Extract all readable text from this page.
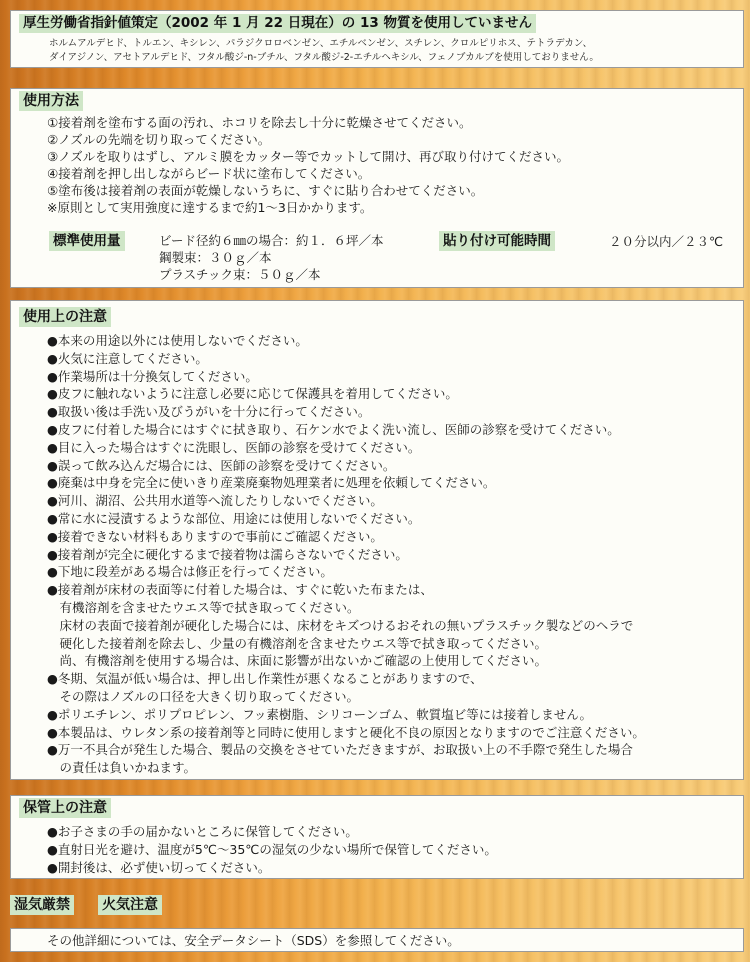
厚生労働省指針値策定（2002 年 1 月 22 日現在）の 13 物質を使用していません
ホルムアルデヒド、トルエン、キシレン、パラジクロロベンゼン、エチルベンゼン、スチレン、クロルピリホス、テトラデカン、
ダイアジノン、アセトアルデヒド、フタル酸ジ-n-ブチル、フタル酸ジ-2-エチルヘキシル、フェノブカルブを使用しておりません。
使用方法
①接着剤を塗布する面の汚れ、ホコリを除去し十分に乾燥させてください。
②ノズルの先端を切り取ってください。
③ノズルを取りはずし、アルミ膜をカッター等でカットして開け、再び取り付けてください。
④接着剤を押し出しながらビード状に塗布してください。
⑤塗布後は接着剤の表面が乾燥しないうちに、すぐに貼り合わせてください。
※原則として実用強度に達するまで約1～3日かかります。
標準使用量	ビード径約６㎜の場合：約１．６坪／本
鋼製束：３０ｇ／本
プラスチック束：５０ｇ／本
貼り付け可能時間	２０分以内／２３℃
使用上の注意
●本来の用途以外には使用しないでください。
●火気に注意してください。
●作業場所は十分換気してください。
●皮フに触れないように注意し必要に応じて保護具を着用してください。
●取扱い後は手洗い及びうがいを十分に行ってください。
●皮フに付着した場合にはすぐに拭き取り、石ケン水でよく洗い流し、医師の診察を受けてください。
●目に入った場合はすぐに洗眼し、医師の診察を受けてください。
●誤って飲み込んだ場合には、医師の診察を受けてください。
●廃棄は中身を完全に使いきり産業廃棄物処理業者に処理を依頼してください。
●河川、湖沼、公共用水道等へ流したりしないでください。
●常に水に浸漬するような部位、用途には使用しないでください。
●接着できない材料もありますので事前にご確認ください。
●接着剤が完全に硬化するまで接着物は濡らさないでください。
●下地に段差がある場合は修正を行ってください。
●接着剤が床材の表面等に付着した場合は、すぐに乾いた布または、
　有機溶剤を含ませたウエス等で拭き取ってください。
　床材の表面で接着剤が硬化した場合には、床材をキズつけるおそれの無いプラスチック製などのヘラで
　硬化した接着剤を除去し、少量の有機溶剤を含ませたウエス等で拭き取ってください。
　尚、有機溶剤を使用する場合は、床面に影響が出ないかご確認の上使用してください。
●冬期、気温が低い場合は、押し出し作業性が悪くなることがありますので、
　その際はノズルの口径を大きく切り取ってください。
●ポリエチレン、ポリプロピレン、フッ素樹脂、シリコーンゴム、軟質塩ビ等には接着しません。
●本製品は、ウレタン系の接着剤等と同時に使用しますと硬化不良の原因となりますのでご注意ください。
●万一不具合が発生した場合、製品の交換をさせていただきますが、お取扱い上の不手際で発生した場合
　の責任は負いかねます。
保管上の注意
●お子さまの手の届かないところに保管してください。
●直射日光を避け、温度が5℃～35℃の湿気の少ない場所で保管してください。
●開封後は、必ず使い切ってください。
湿気厳禁 火気注意
その他詳細については、安全データシート（SDS）を参照してください。
